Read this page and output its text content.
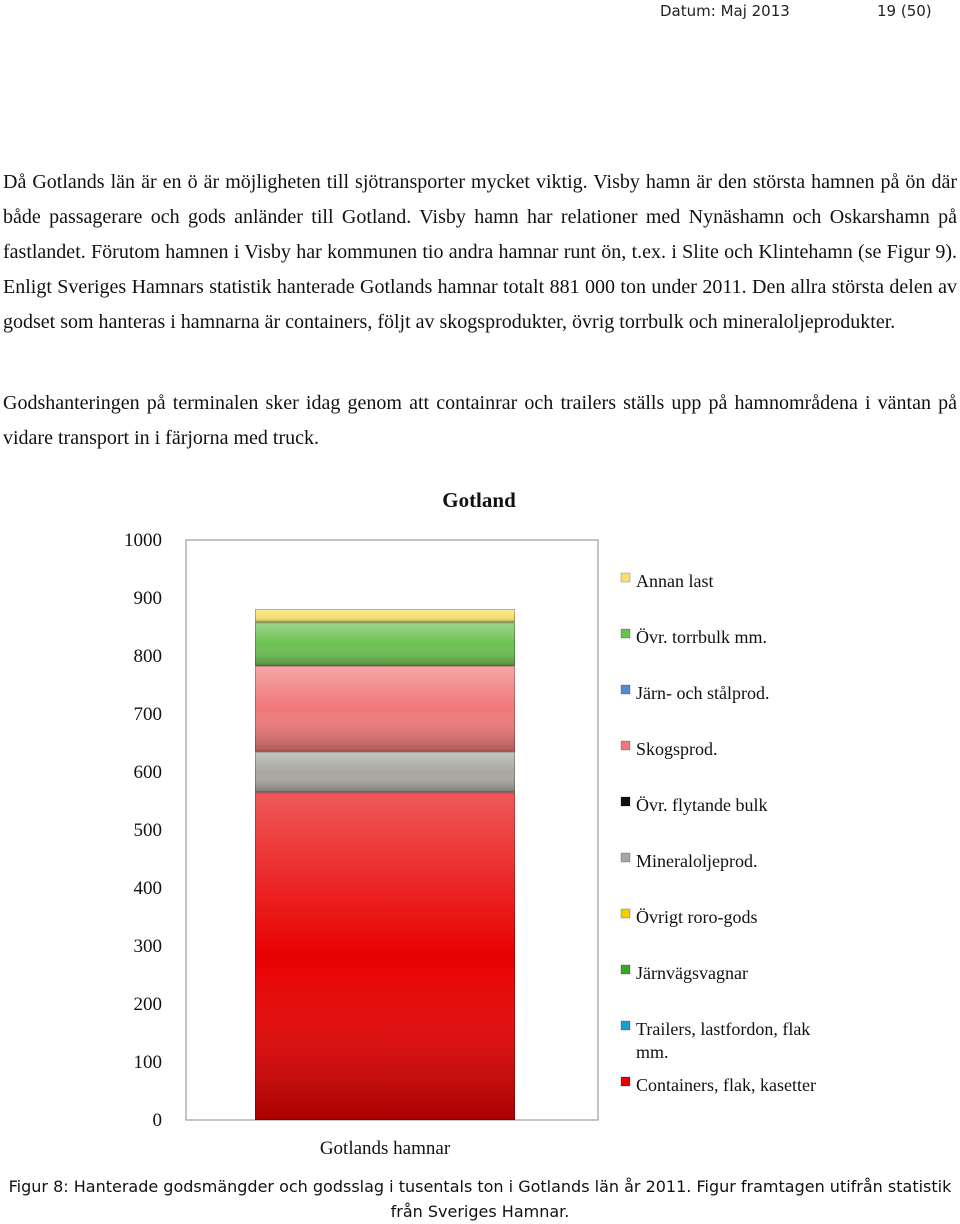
Datum: Maj 2013	19 (50)

Då Gotlands län är en ö är möjligheten till sjötransporter mycket viktig. Visby hamn är den största hamnen på ön där både passagerare och gods anländer till Gotland. Visby hamn har relationer med Nynäshamn och Oskarshamn på fastlandet. Förutom hamnen i Visby har kommunen tio andra hamnar runt ön, t.ex. i Slite och Klintehamn (se Figur 9). Enligt Sveriges Hamnars statistik hanterade Gotlands hamnar totalt 881 000 ton under 2011. Den allra största delen av godset som hanteras i hamnarna är containers, följt av skogsprodukter, övrig torrbulk och mineraloljeprodukter.

Godshanteringen på terminalen sker idag genom att containrar och trailers ställs upp på hamnområdena i väntan på vidare transport in i färjorna med truck.

Gotland
0
100
200
300
400
500
600
700
800
900
1000
Gotlands hamnar
Annan last
Övr. torrbulk mm.
Järn- och stålprod.
Skogsprod.
Övr. flytande bulk
Mineraloljeprod.
Övrigt roro-gods
Järnvägsvagnar
Trailers, lastfordon, flak mm.
Containers, flak, kasetter

Figur 8: Hanterade godsmängder och godsslag i tusentals ton i Gotlands län år 2011. Figur framtagen utifrån statistik från Sveriges Hamnar.
